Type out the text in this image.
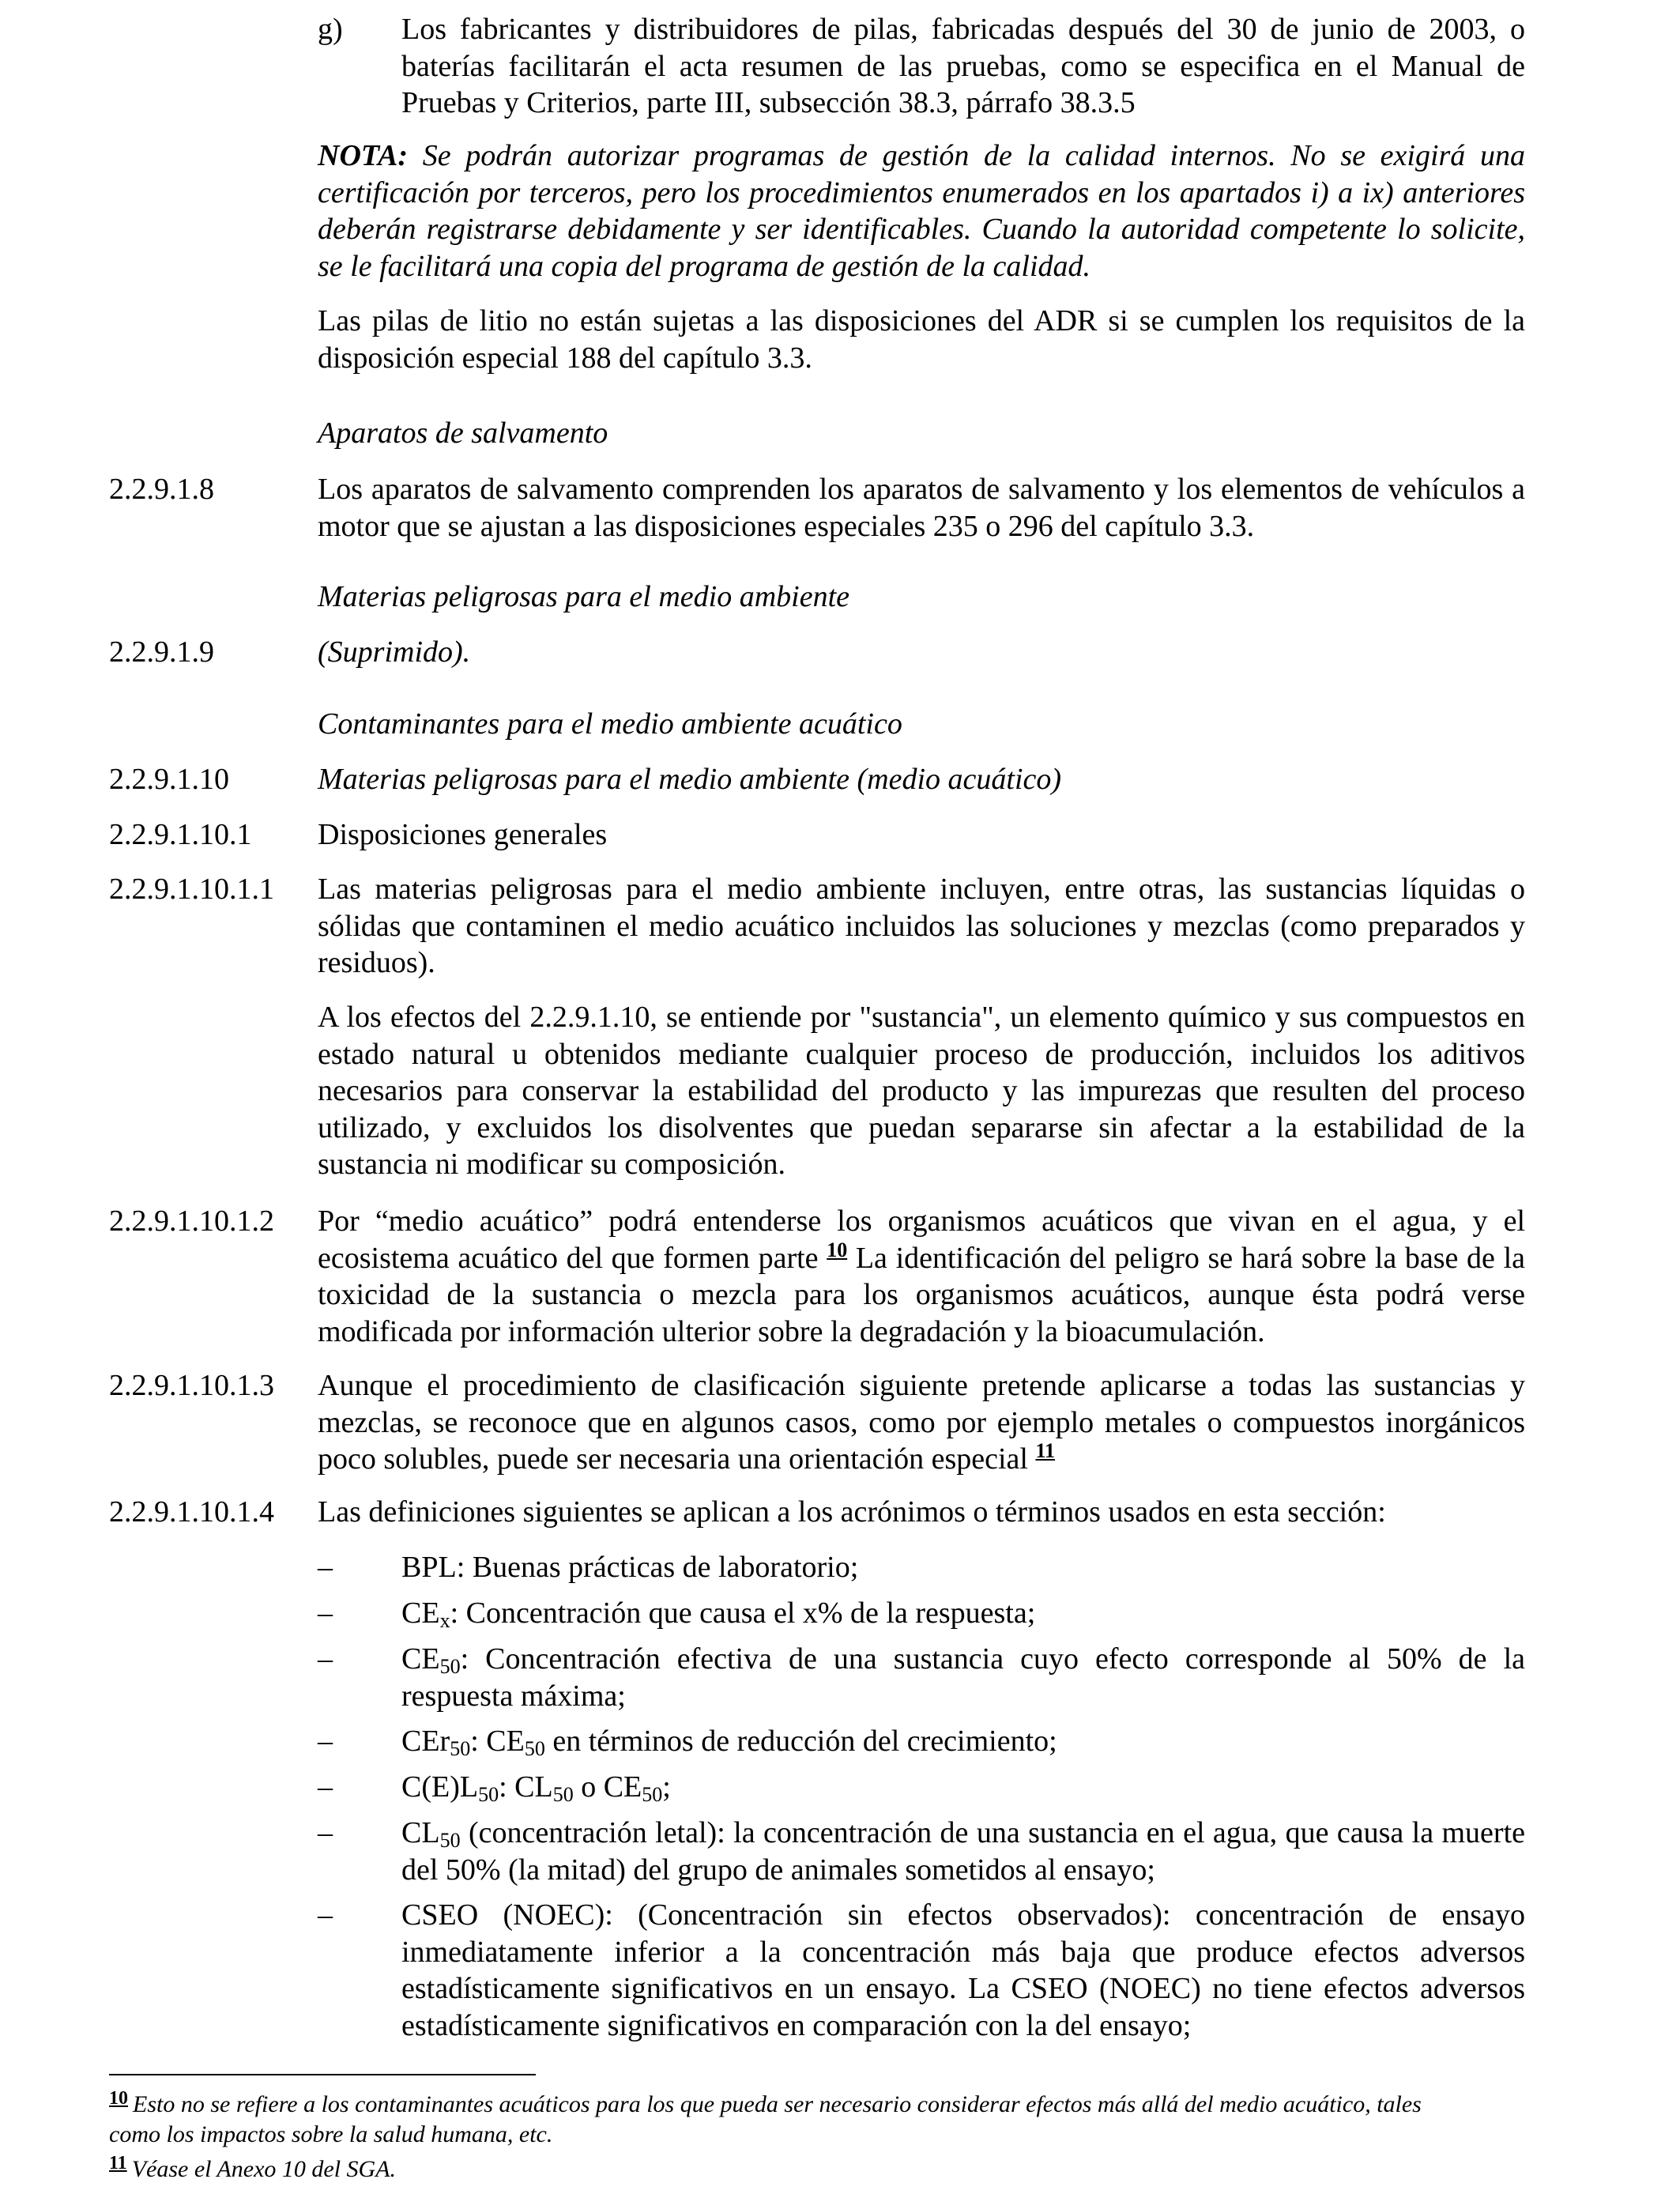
g) Los fabricantes y distribuidores de pilas, fabricadas después del 30 de junio de 2003, o baterías facilitarán el acta resumen de las pruebas, como se especifica en el Manual de Pruebas y Criterios, parte III, subsección 38.3, párrafo 38.3.5
NOTA: Se podrán autorizar programas de gestión de la calidad internos. No se exigirá una certificación por terceros, pero los procedimientos enumerados en los apartados i) a ix) anteriores deberán registrarse debidamente y ser identificables. Cuando la autoridad competente lo solicite, se le facilitará una copia del programa de gestión de la calidad.
Las pilas de litio no están sujetas a las disposiciones del ADR si se cumplen los requisitos de la disposición especial 188 del capítulo 3.3.
Aparatos de salvamento
2.2.9.1.8	Los aparatos de salvamento comprenden los aparatos de salvamento y los elementos de vehículos a motor que se ajustan a las disposiciones especiales 235 o 296 del capítulo 3.3.
Materias peligrosas para el medio ambiente
2.2.9.1.9	(Suprimido).
Contaminantes para el medio ambiente acuático
2.2.9.1.10	Materias peligrosas para el medio ambiente (medio acuático)
2.2.9.1.10.1 Disposiciones generales
2.2.9.1.10.1.1 Las materias peligrosas para el medio ambiente incluyen, entre otras, las sustancias líquidas o sólidas que contaminen el medio acuático incluidos las soluciones y mezclas (como preparados y residuos).
A los efectos del 2.2.9.1.10, se entiende por "sustancia", un elemento químico y sus compuestos en estado natural u obtenidos mediante cualquier proceso de producción, incluidos los aditivos necesarios para conservar la estabilidad del producto y las impurezas que resulten del proceso utilizado, y excluidos los disolventes que puedan separarse sin afectar a la estabilidad de la sustancia ni modificar su composición.
2.2.9.1.10.1.2 Por “medio acuático” podrá entenderse los organismos acuáticos que vivan en el agua, y el ecosistema acuático del que formen parte $^{10}$ La identificación del peligro se hará sobre la base de la toxicidad de la sustancia o mezcla para los organismos acuáticos, aunque ésta podrá verse modificada por información ulterior sobre la degradación y la bioacumulación.
2.2.9.1.10.1.3 Aunque el procedimiento de clasificación siguiente pretende aplicarse a todas las sustancias y mezclas, se reconoce que en algunos casos, como por ejemplo metales o compuestos inorgánicos poco solubles, puede ser necesaria una orientación especial $^{11}$
2.2.9.1.10.1.4 Las definiciones siguientes se aplican a los acrónimos o términos usados en esta sección:
– BPL: Buenas prácticas de laboratorio;
– $CE_x$: Concentración que causa el x% de la respuesta;
– $CE_{50}$: Concentración efectiva de una sustancia cuyo efecto corresponde al 50% de la respuesta máxima;
– CEr$_{50}$: $CE_{50}$ en términos de reducción del crecimiento;
– $C(E)L_{50}$: $CL_{50}$ o $CE_{50}$;
– $CL_{50}$ (concentración letal): la concentración de una sustancia en el agua, que causa la muerte del 50% (la mitad) del grupo de animales sometidos al ensayo;
– CSEO (NOEC): (Concentración sin efectos observados): concentración de ensayo inmediatamente inferior a la concentración más baja que produce efectos adversos estadísticamente significativos en un ensayo. La CSEO (NOEC) no tiene efectos adversos estadísticamente significativos en comparación con la del ensayo;
$^{10}$ Esto no se refiere a los contaminantes acuáticos para los que pueda ser necesario considerar efectos más allá del medio acuático, tales como los impactos sobre la salud humana, etc.
$^{11}$ Véase el Anexo 10 del SGA.
